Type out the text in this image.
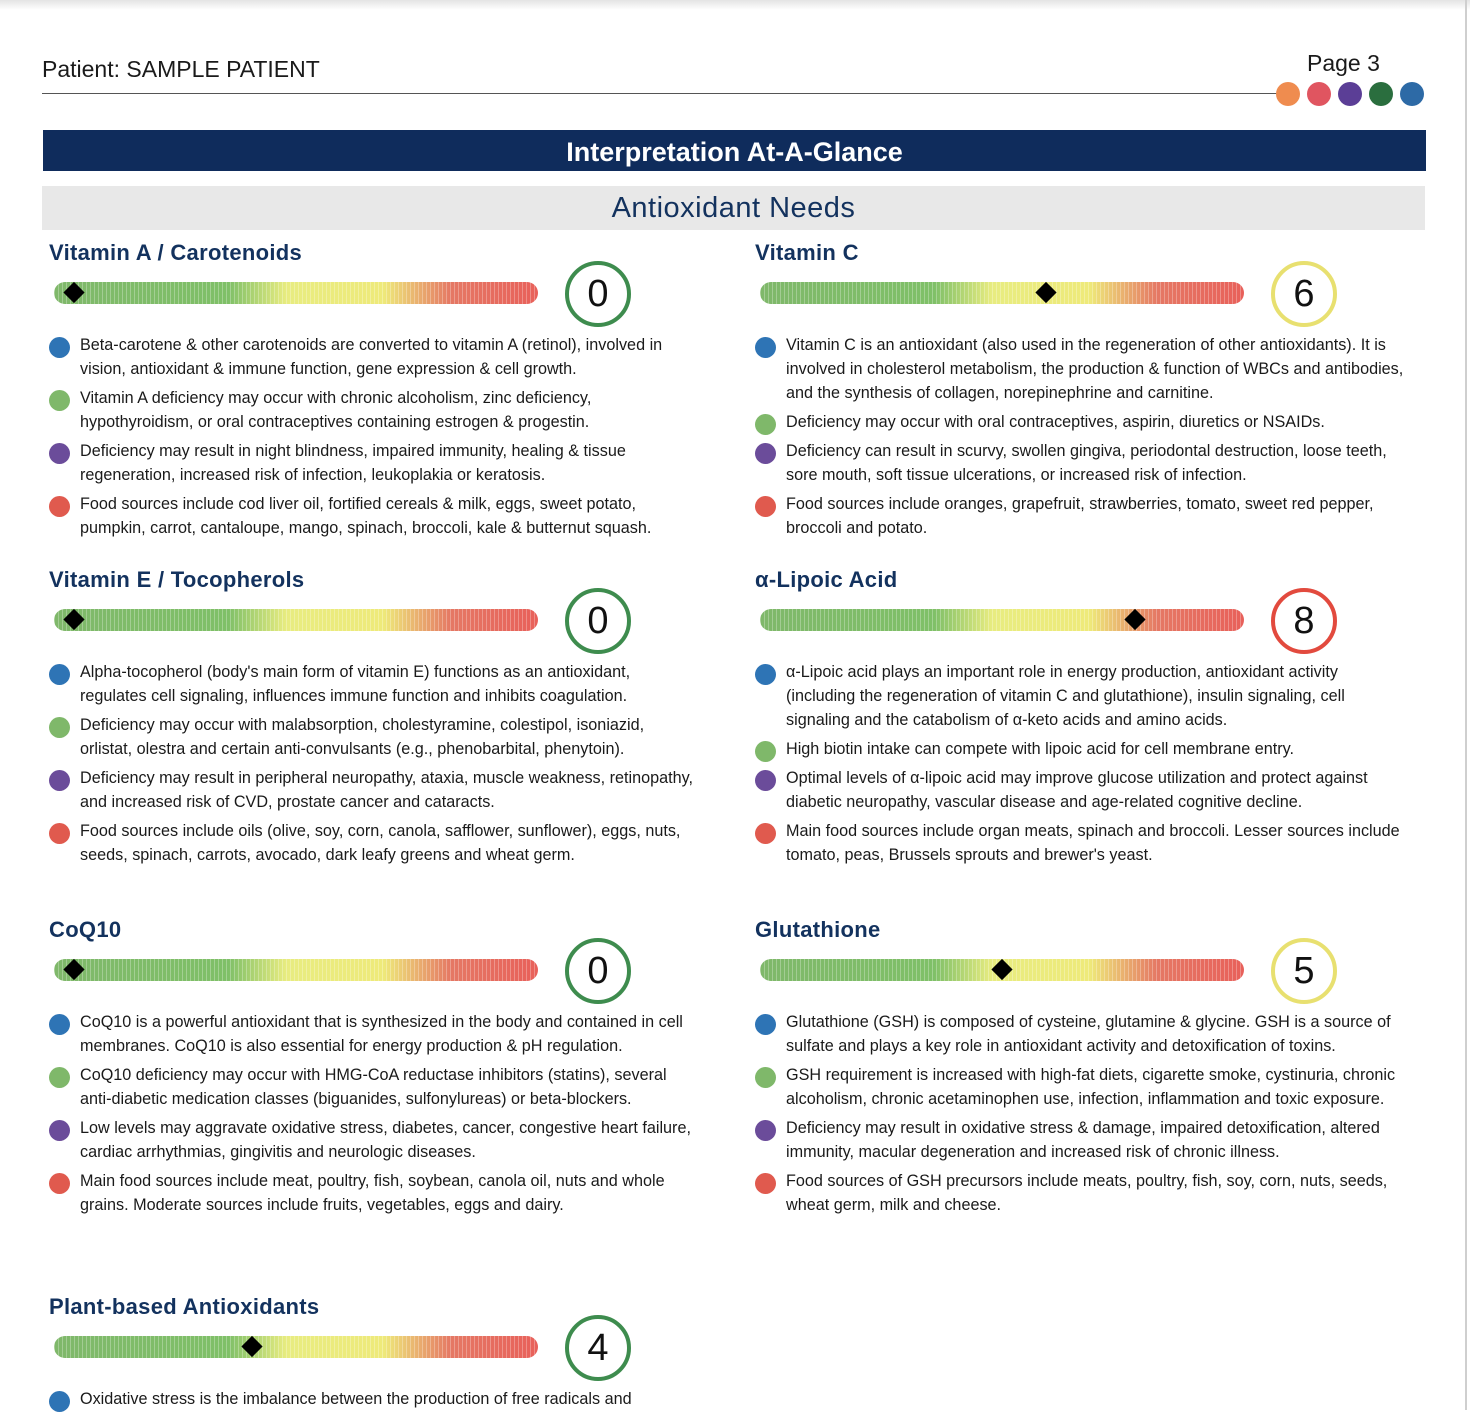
Patient: SAMPLE PATIENT	Page 3
Interpretation At-A-Glance
Antioxidant Needs
Vitamin A / Carotenoids
0
Beta-carotene & other carotenoids are converted to vitamin A (retinol), involved in vision, antioxidant & immune function, gene expression & cell growth.
Vitamin A deficiency may occur with chronic alcoholism, zinc deficiency, hypothyroidism, or oral contraceptives containing estrogen & progestin.
Deficiency may result in night blindness, impaired immunity, healing & tissue regeneration, increased risk of infection, leukoplakia or keratosis.
Food sources include cod liver oil, fortified cereals & milk, eggs, sweet potato, pumpkin, carrot, cantaloupe, mango, spinach, broccoli, kale & butternut squash.
Vitamin C
6
Vitamin C is an antioxidant (also used in the regeneration of other antioxidants). It is involved in cholesterol metabolism, the production & function of WBCs and antibodies, and the synthesis of collagen, norepinephrine and carnitine.
Deficiency may occur with oral contraceptives, aspirin, diuretics or NSAIDs.
Deficiency can result in scurvy, swollen gingiva, periodontal destruction, loose teeth, sore mouth, soft tissue ulcerations, or increased risk of infection.
Food sources include oranges, grapefruit, strawberries, tomato, sweet red pepper, broccoli and potato.
Vitamin E / Tocopherols
0
Alpha-tocopherol (body's main form of vitamin E) functions as an antioxidant, regulates cell signaling, influences immune function and inhibits coagulation.
Deficiency may occur with malabsorption, cholestyramine, colestipol, isoniazid, orlistat, olestra and certain anti-convulsants (e.g., phenobarbital, phenytoin).
Deficiency may result in peripheral neuropathy, ataxia, muscle weakness, retinopathy, and increased risk of CVD, prostate cancer and cataracts.
Food sources include oils (olive, soy, corn, canola, safflower, sunflower), eggs, nuts, seeds, spinach, carrots, avocado, dark leafy greens and wheat germ.
α-Lipoic Acid
8
α-Lipoic acid plays an important role in energy production, antioxidant activity (including the regeneration of vitamin C and glutathione), insulin signaling, cell signaling and the catabolism of α-keto acids and amino acids.
High biotin intake can compete with lipoic acid for cell membrane entry.
Optimal levels of α-lipoic acid may improve glucose utilization and protect against diabetic neuropathy, vascular disease and age-related cognitive decline.
Main food sources include organ meats, spinach and broccoli. Lesser sources include tomato, peas, Brussels sprouts and brewer's yeast.
CoQ10
0
CoQ10 is a powerful antioxidant that is synthesized in the body and contained in cell membranes. CoQ10 is also essential for energy production & pH regulation.
CoQ10 deficiency may occur with HMG-CoA reductase inhibitors (statins), several anti-diabetic medication classes (biguanides, sulfonylureas) or beta-blockers.
Low levels may aggravate oxidative stress, diabetes, cancer, congestive heart failure, cardiac arrhythmias, gingivitis and neurologic diseases.
Main food sources include meat, poultry, fish, soybean, canola oil, nuts and whole grains. Moderate sources include fruits, vegetables, eggs and dairy.
Glutathione
5
Glutathione (GSH) is composed of cysteine, glutamine & glycine. GSH is a source of sulfate and plays a key role in antioxidant activity and detoxification of toxins.
GSH requirement is increased with high-fat diets, cigarette smoke, cystinuria, chronic alcoholism, chronic acetaminophen use, infection, inflammation and toxic exposure.
Deficiency may result in oxidative stress & damage, impaired detoxification, altered immunity, macular degeneration and increased risk of chronic illness.
Food sources of GSH precursors include meats, poultry, fish, soy, corn, nuts, seeds, wheat germ, milk and cheese.
Plant-based Antioxidants
4
Oxidative stress is the imbalance between the production of free radicals and
